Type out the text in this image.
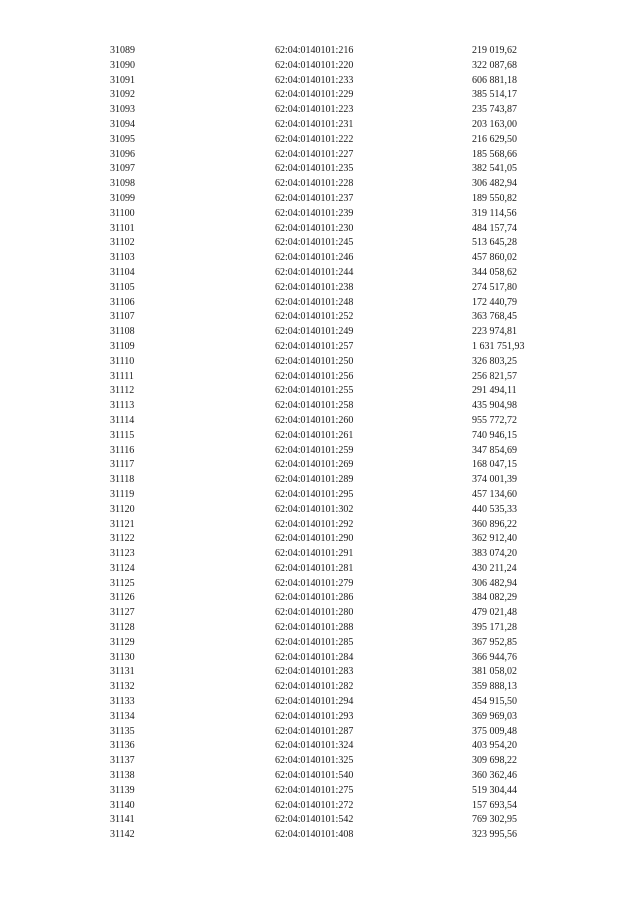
31089	62:04:0140101:216	219 019,62
31090	62:04:0140101:220	322 087,68
31091	62:04:0140101:233	606 881,18
31092	62:04:0140101:229	385 514,17
31093	62:04:0140101:223	235 743,87
31094	62:04:0140101:231	203 163,00
31095	62:04:0140101:222	216 629,50
31096	62:04:0140101:227	185 568,66
31097	62:04:0140101:235	382 541,05
31098	62:04:0140101:228	306 482,94
31099	62:04:0140101:237	189 550,82
31100	62:04:0140101:239	319 114,56
31101	62:04:0140101:230	484 157,74
31102	62:04:0140101:245	513 645,28
31103	62:04:0140101:246	457 860,02
31104	62:04:0140101:244	344 058,62
31105	62:04:0140101:238	274 517,80
31106	62:04:0140101:248	172 440,79
31107	62:04:0140101:252	363 768,45
31108	62:04:0140101:249	223 974,81
31109	62:04:0140101:257	1 631 751,93
31110	62:04:0140101:250	326 803,25
31111	62:04:0140101:256	256 821,57
31112	62:04:0140101:255	291 494,11
31113	62:04:0140101:258	435 904,98
31114	62:04:0140101:260	955 772,72
31115	62:04:0140101:261	740 946,15
31116	62:04:0140101:259	347 854,69
31117	62:04:0140101:269	168 047,15
31118	62:04:0140101:289	374 001,39
31119	62:04:0140101:295	457 134,60
31120	62:04:0140101:302	440 535,33
31121	62:04:0140101:292	360 896,22
31122	62:04:0140101:290	362 912,40
31123	62:04:0140101:291	383 074,20
31124	62:04:0140101:281	430 211,24
31125	62:04:0140101:279	306 482,94
31126	62:04:0140101:286	384 082,29
31127	62:04:0140101:280	479 021,48
31128	62:04:0140101:288	395 171,28
31129	62:04:0140101:285	367 952,85
31130	62:04:0140101:284	366 944,76
31131	62:04:0140101:283	381 058,02
31132	62:04:0140101:282	359 888,13
31133	62:04:0140101:294	454 915,50
31134	62:04:0140101:293	369 969,03
31135	62:04:0140101:287	375 009,48
31136	62:04:0140101:324	403 954,20
31137	62:04:0140101:325	309 698,22
31138	62:04:0140101:540	360 362,46
31139	62:04:0140101:275	519 304,44
31140	62:04:0140101:272	157 693,54
31141	62:04:0140101:542	769 302,95
31142	62:04:0140101:408	323 995,56
